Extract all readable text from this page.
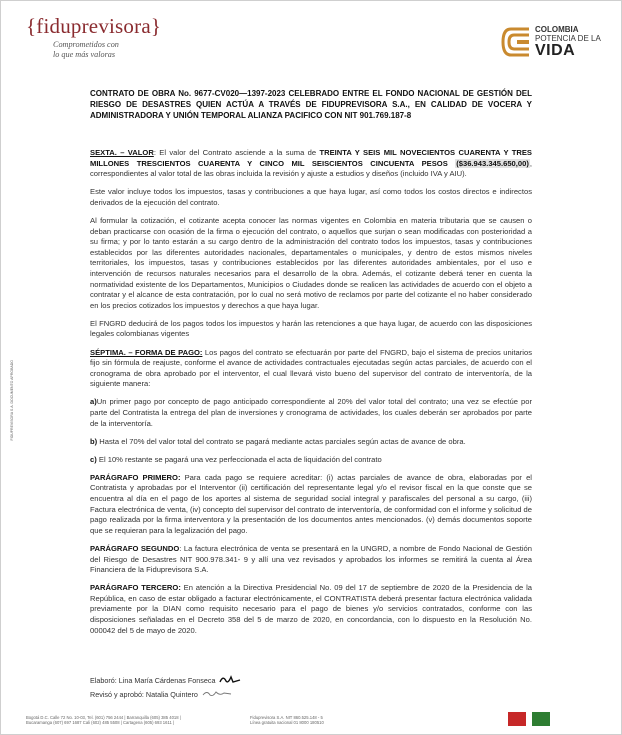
{fiduprevisora}
Comprometidos con
lo que más valoras
COLOMBIA
POTENCIA DE LA
VIDA
FIDUPREVISORA S.A. DOCUMENTO APROBADO
CONTRATO DE OBRA No. 9677-CV020—1397-2023 CELEBRADO ENTRE EL FONDO NACIONAL DE GESTIÓN DEL RIESGO DE DESASTRES QUIEN ACTÚA A TRAVÉS DE FIDUPREVISORA S.A., EN CALIDAD DE VOCERA Y ADMINISTRADORA Y UNIÓN TEMPORAL ALIANZA PACIFICO CON NIT 901.769.187-8

SEXTA. – VALOR: El valor del Contrato asciende a la suma de TREINTA Y SEIS MIL NOVECIENTOS CUARENTA Y TRES MILLONES TRESCIENTOS CUARENTA Y CINCO MIL SEISCIENTOS CINCUENTA PESOS ($36.943.345.650,00), correspondientes al valor total de las obras incluida la revisión y ajuste a estudios y diseños (incluido IVA y AIU).

Este valor incluye todos los impuestos, tasas y contribuciones a que haya lugar, así como todos los costos directos e indirectos derivados de la ejecución del contrato.

Al formular la cotización, el cotizante acepta conocer las normas vigentes en Colombia en materia tributaria que se causen o deban practicarse con ocasión de la firma o ejecución del contrato, o aquellos que surjan o sean modificadas con posterioridad a su firma; y por lo tanto estarán a su cargo dentro de la administración del contrato todos los impuestos, tasas y contribuciones establecidos por las diferentes autoridades nacionales, departamentales o municipales, y dentro de estos mismos niveles territoriales, los impuestos, tasas y contribuciones establecidos por las diferentes autoridades ambientales, por el uso e intervención de recursos naturales necesarios para el desarrollo de la obra. Además, el cotizante deberá tener en cuenta la normatividad existente de los Departamentos, Municipios o Ciudades donde se realicen las actividades de acuerdo con el objeto a contratar y el alcance de esta contratación, por lo cual no será motivo de reclamos por parte del cotizante el no haber considerado en los precios cotizados los impuestos y derechos a que haya lugar.

El FNGRD deducirá de los pagos todos los impuestos y harán las retenciones a que haya lugar, de acuerdo con las disposiciones legales colombianas vigentes

SÉPTIMA. – FORMA DE PAGO: Los pagos del contrato se efectuarán por parte del FNGRD, bajo el sistema de precios unitarios fijo sin fórmula de reajuste, conforme el avance de actividades contractuales ejecutadas según actas parciales, de acuerdo con el cronograma de obra aprobado por el interventor, el cual llevará visto bueno del supervisor del contrato de interventoría, de la siguiente manera:

a)Un primer pago por concepto de pago anticipado correspondiente al 20% del valor total del contrato; una vez se efectúe por parte del Contratista la entrega del plan de inversiones y cronograma de actividades, los cuales deberán ser aprobados por parte de la interventoría.

b) Hasta el 70% del valor total del contrato se pagará mediante actas parciales según actas de avance de obra.

c) El 10% restante se pagará una vez perfeccionada el acta de liquidación del contrato

PARÁGRAFO PRIMERO: Para cada pago se requiere acreditar: (i) actas parciales de avance de obra, elaboradas por el Contratista y aprobadas por el Interventor (ii) certificación del representante legal y/o el revisor fiscal en la que conste que se encuentra al día en el pago de los aportes al sistema de seguridad social integral y parafiscales del personal a su cargo, (iii) Factura electrónica de venta, (iv) concepto del supervisor del contrato de interventoría, de conformidad con el informe y solicitud de pago realizada por la firma interventora y la presentación de los documentos antes mencionados. (v) demás documentos soporte que se requieran para la legalización del pago.

PARÁGRAFO SEGUNDO: La factura electrónica de venta se presentará en la UNGRD, a nombre de Fondo Nacional de Gestión del Riesgo de Desastres NIT 900.978.341- 9 y allí una vez revisados y aprobados los informes se remitirá la cuenta al Área Financiera de la Fiduprevisora S.A.

PARÁGRAFO TERCERO: En atención a la Directiva Presidencial No. 09 del 17 de septiembre de 2020 de la Presidencia de la República, en caso de estar obligado a facturar electrónicamente, el CONTRATISTA deberá presentar factura electrónica validada previamente por la DIAN como requisito necesario para el pago de bienes y/o servicios contratados, conforme con las disposiciones señaladas en el Decreto 358 del 5 de marzo de 2020, en concordancia, con lo dispuesto en la Resolución No. 000042 del 5 de mayo de 2020.

Elaboró: Lina María Cárdenas Fonseca
Revisó y aprobó: Natalia Quintero
Bogotá D.C. Calle 72 No. 10-03, Tel. (601) 756 2444 | Barranquilla (605) 385 4018 |
Bucaramanga (607) 697 1687 Cali (602) 485 5508 | Cartagena (605) 693 1611 |
Fiduprevisora S.A. NIT 860.525.148 - 5
Línea gratuita nacional 01 8000 180510
